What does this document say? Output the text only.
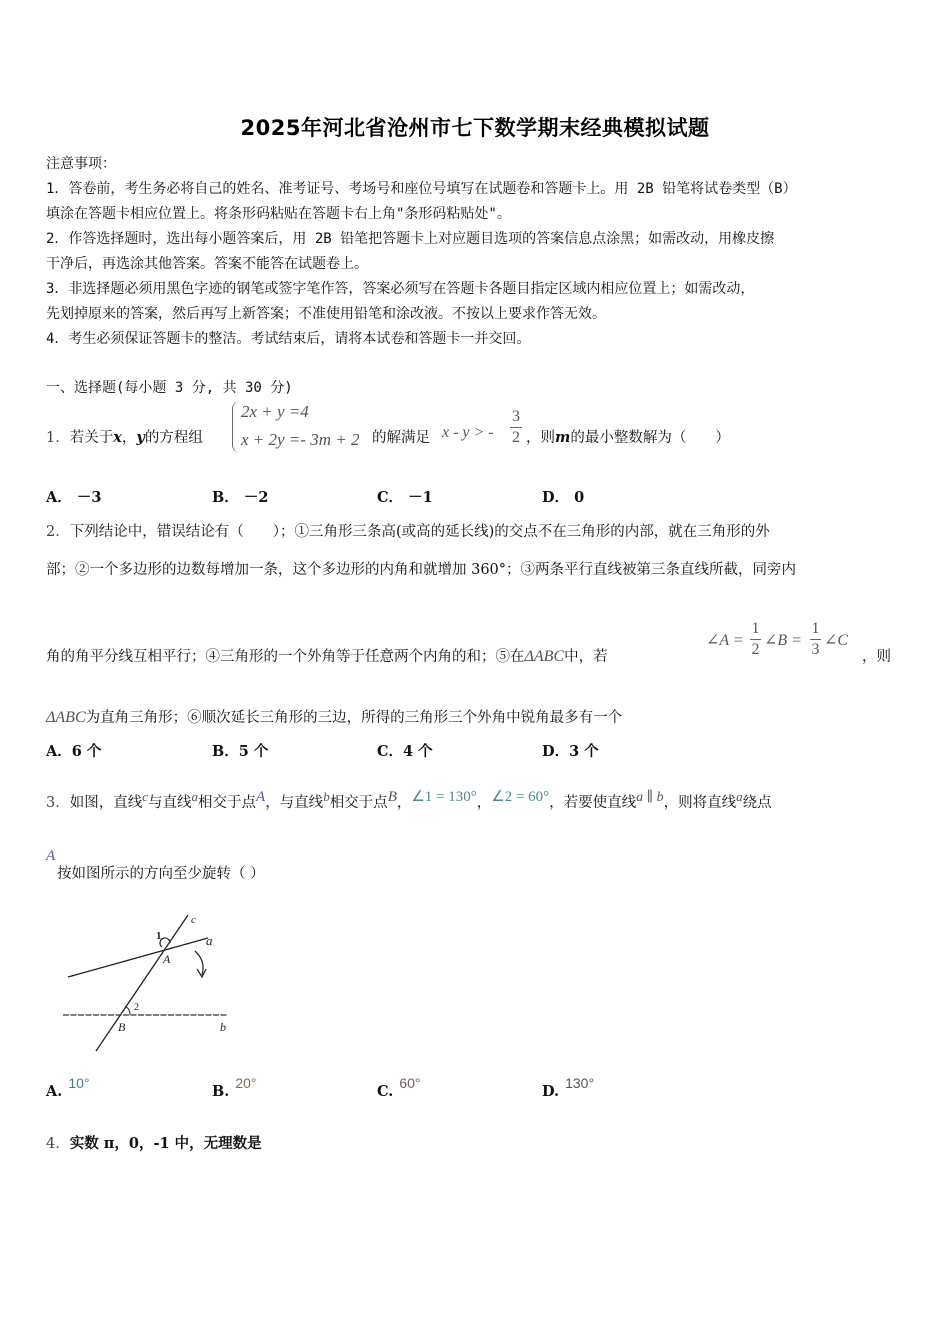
2025年河北省沧州市七下数学期末经典模拟试题
注意事项：
1．答卷前，考生务必将自己的姓名、准考证号、考场号和座位号填写在试题卷和答题卡上。用 2B 铅笔将试卷类型（B）
填涂在答题卡相应位置上。将条形码粘贴在答题卡右上角"条形码粘贴处"。
2．作答选择题时，选出每小题答案后，用 2B 铅笔把答题卡上对应题目选项的答案信息点涂黑；如需改动，用橡皮擦
干净后，再选涂其他答案。答案不能答在试题卷上。
3．非选择题必须用黑色字迹的钢笔或签字笔作答，答案必须写在答题卡各题目指定区域内相应位置上；如需改动，
先划掉原来的答案，然后再写上新答案；不准使用铅笔和涂改液。不按以上要求作答无效。
4．考生必须保证答题卡的整洁。考试结束后，请将本试卷和答题卡一并交回。
一、选择题(每小题 3 分, 共 30 分)
1．若关于x，y的方程组
2x + y =4
x + 2y =- 3m + 2 的解满足 x - y > -
3
2 ，则m的最小整数解为（　　）
A． －3	B． －2	C． －1	D． 0
2．下列结论中，错误结论有（　　）；①三角形三条高(或高的延长线)的交点不在三角形的内部，就在三角形的外
部；②一个多边形的边数每增加一条，这个多边形的内角和就增加 360°；③两条平行直线被第三条直线所截，同旁内
角的角平分线互相平行；④三角形的一个外角等于任意两个内角的和；⑤在ΔABC中，若
∠A =
1
2
∠B =
1
3
∠C
，则
ΔABC为直角三角形；⑥顺次延长三角形的三边，所得的三角形三个外角中锐角最多有一个
A．6 个	B．5 个	C．4 个	D．3 个
3．如图，直线$^c$与直线$^a$相交于点$^A$，与直线$^b$相交于点$^B$，$^{\angle 1 = 130^\circ}$，$^{\angle 2 = 60^\circ}$，若要使直线$^{a \parallel b}$，则将直线$^a$绕点
A
按如图所示的方向至少旋转（ ）
c
a
b
A
B
1
2
A. 10°	B. 20°	C. 60°	D. 130°
4．实数 π，0，-1 中，无理数是
